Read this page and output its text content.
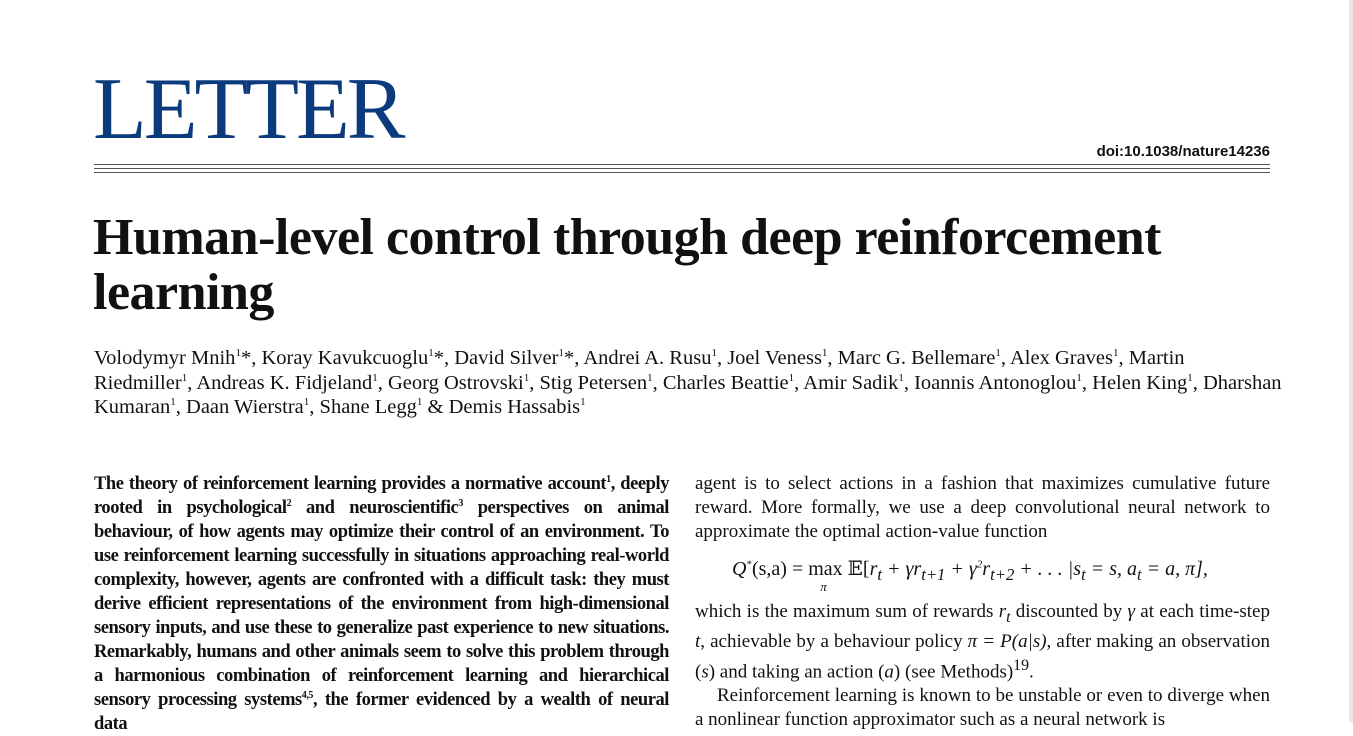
LETTER	doi:10.1038/nature14236
Human-level control through deep reinforcement learning
Volodymyr Mnih$^1$*, Koray Kavukcuoglu$^1$*, David Silver$^1$*, Andrei A. Rusu$^1$, Joel Veness$^1$, Marc G. Bellemare$^1$, Alex Graves$^1$, Martin Riedmiller$^1$, Andreas K. Fidjeland$^1$, Georg Ostrovski$^1$, Stig Petersen$^1$, Charles Beattie$^1$, Amir Sadik$^1$, Ioannis Antonoglou$^1$, Helen King$^1$, Dharshan Kumaran$^1$, Daan Wierstra$^1$, Shane Legg$^1$ & Demis Hassabis$^1$
The theory of reinforcement learning provides a normative account$^1$, deeply rooted in psychological$^2$ and neuroscientific$^3$ perspectives on animal behaviour, of how agents may optimize their control of an environment. To use reinforcement learning successfully in situations approaching real-world complexity, however, agents are confronted with a difficult task: they must derive efficient representations of the environment from high-dimensional sensory inputs, and use these to generalize past experience to new situations. Remarkably, humans and other animals seem to solve this problem through a harmonious combination of reinforcement learning and hierarchical sensory processing systems$^{4,5}$, the former evidenced by a wealth of neural data
agent is to select actions in a fashion that maximizes cumulative future reward. More formally, we use a deep convolutional neural network to approximate the optimal action-value function
Q*(s,a) = max
π
$𝔼[r_t + \gamma r_{t+1} + \gamma^2r_{t+2}$ + . . . $|s_t = s$, $a_t = a$, π],
which is the maximum sum of rewards $r_t$ discounted by γ at each time-step t, achievable by a behaviour policy π = P(a|s), after making an observation (s) and taking an action (a) (see Methods)$^{19}$.
Reinforcement learning is known to be unstable or even to diverge when a nonlinear function approximator such as a neural network is
